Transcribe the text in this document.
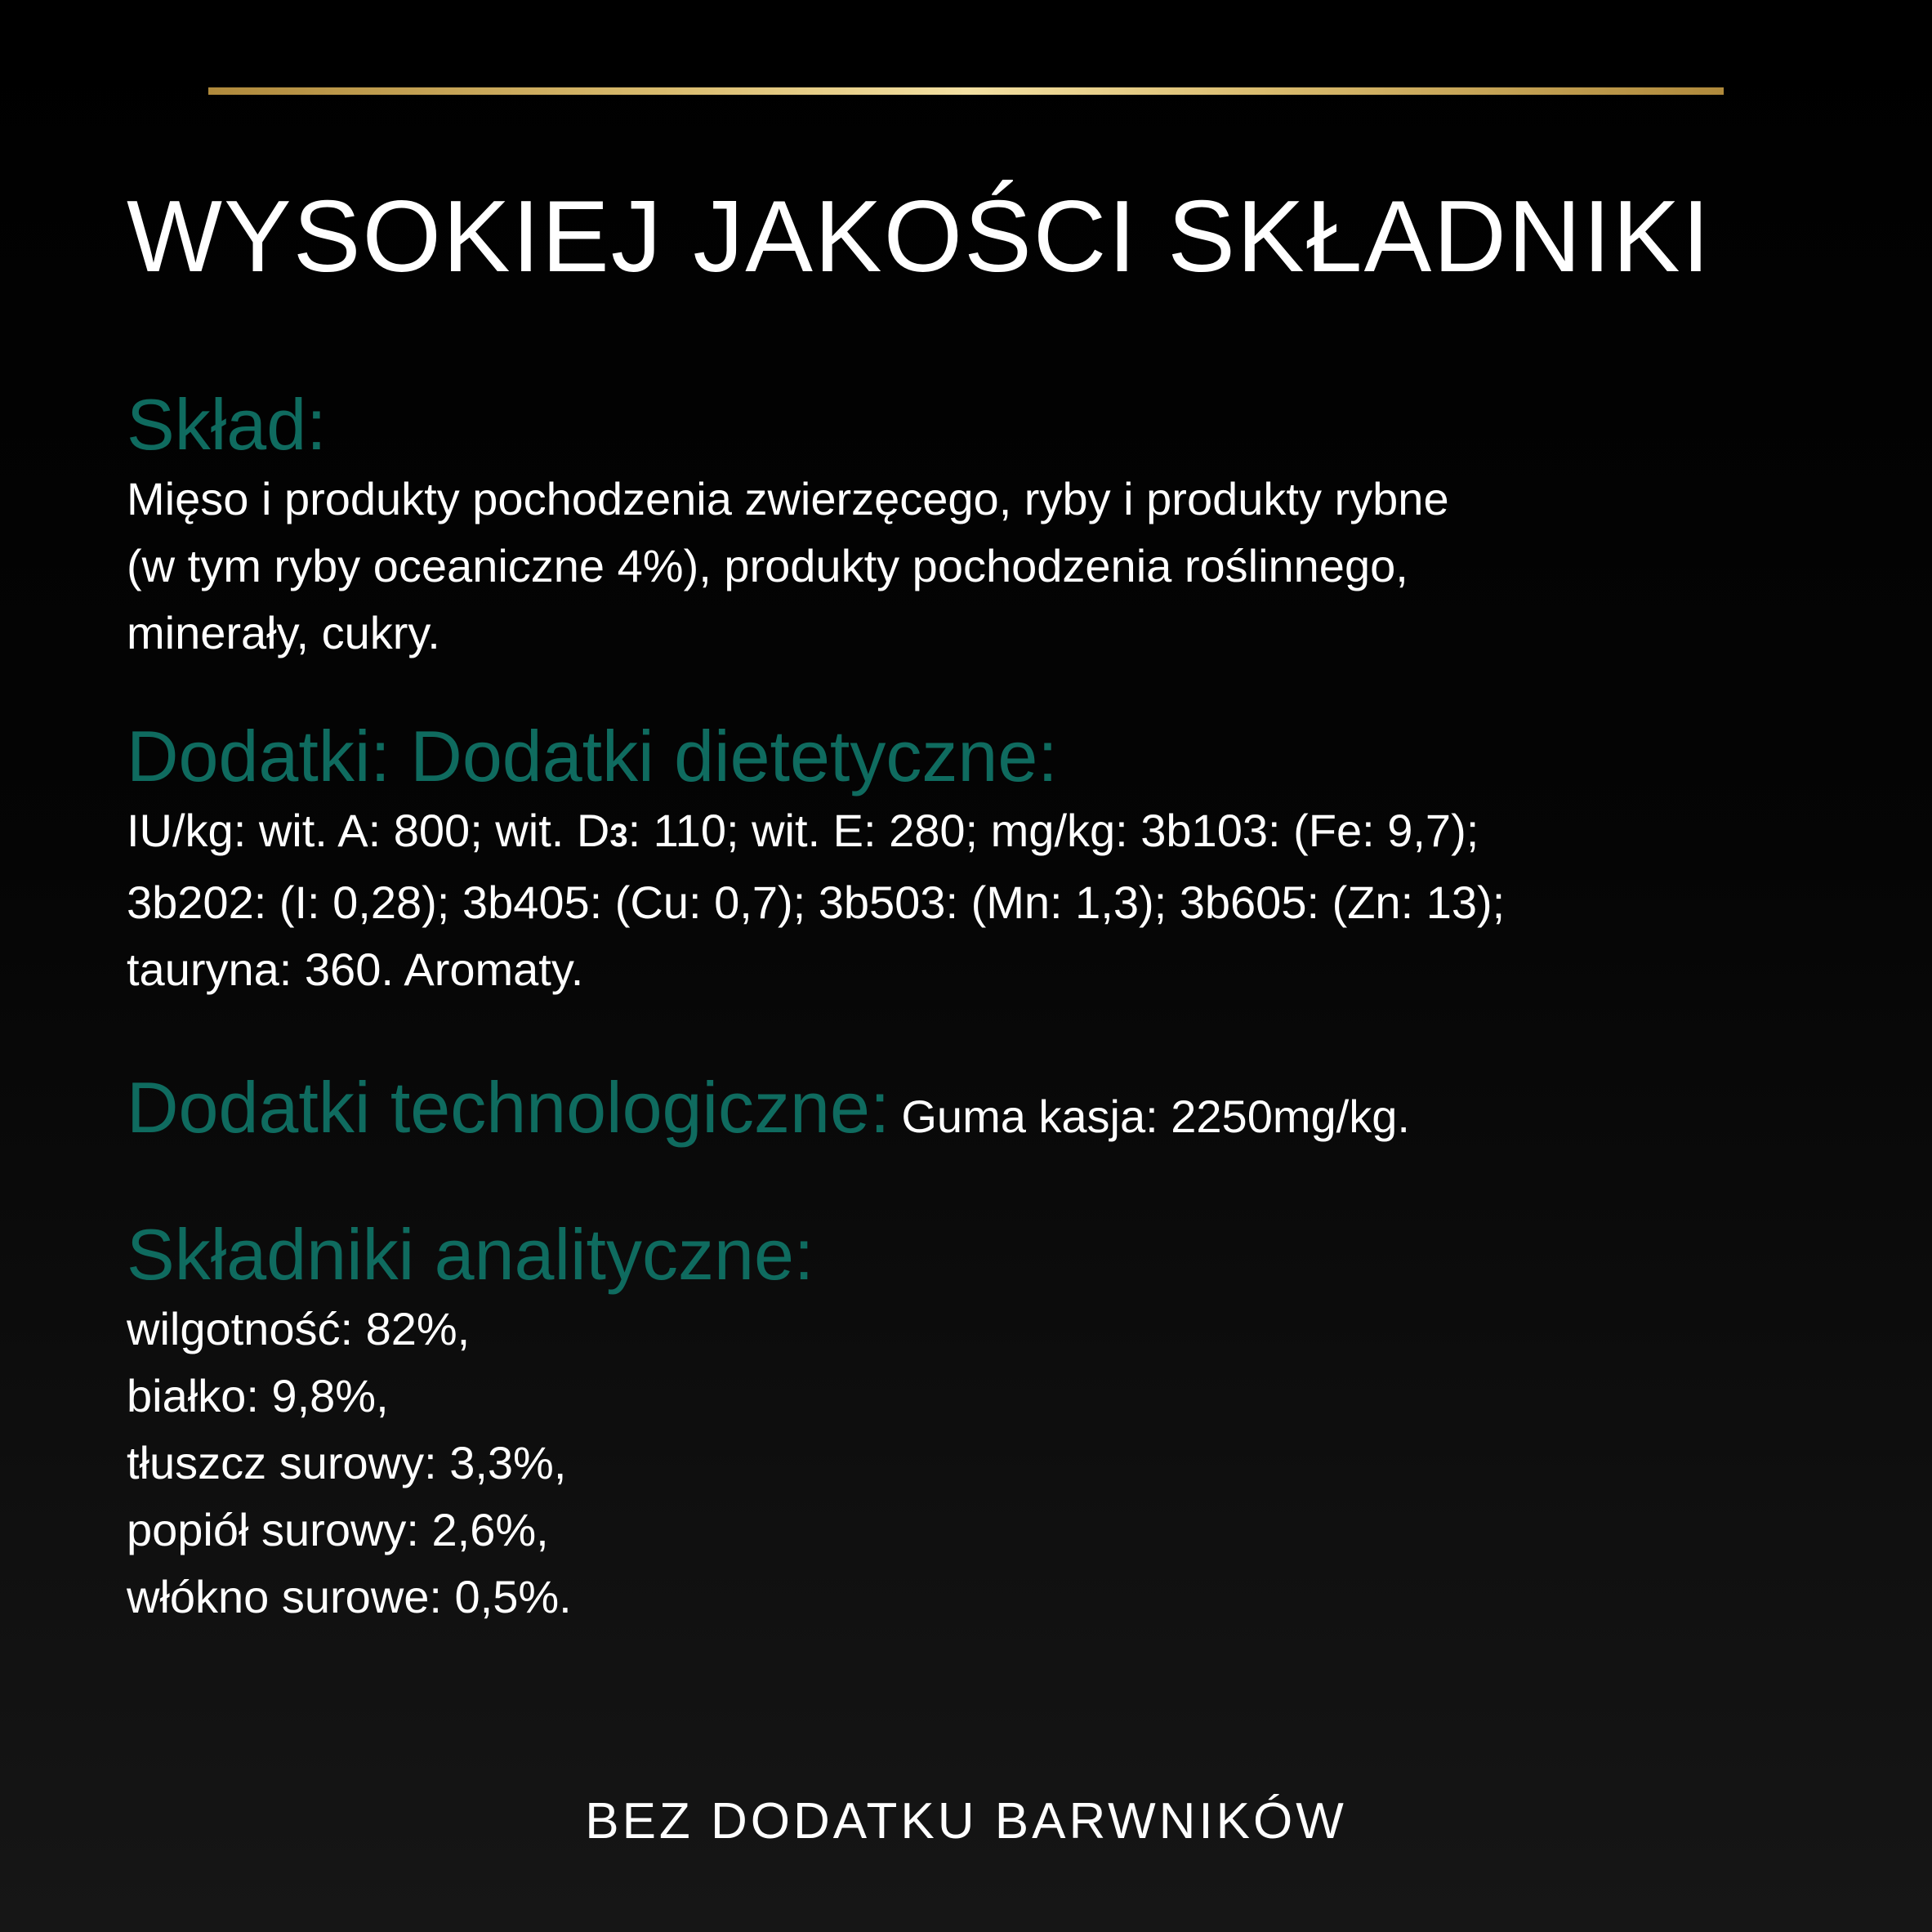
WYSOKIEJ JAKOŚCI SKŁADNIKI
Skład:

Mięso i produkty pochodzenia zwierzęcego, ryby i produkty rybne
(w tym ryby oceaniczne 4%), produkty pochodzenia roślinnego,
minerały, cukry.

Dodatki: Dodatki dietetyczne:

IU/kg: wit. A: 800; wit. D3: 110; wit. E: 280; mg/kg: 3b103: (Fe: 9,7);
3b202: (I: 0,28); 3b405: (Cu: 0,7); 3b503: (Mn: 1,3); 3b605: (Zn: 13);
tauryna: 360. Aromaty.

Dodatki technologiczne: Guma kasja: 2250mg/kg.
Składniki analityczne:

wilgotność: 82%,
białko: 9,8%,
tłuszcz surowy: 3,3%,
popiół surowy: 2,6%,
włókno surowe: 0,5%.

BEZ DODATKU BARWNIKÓW
